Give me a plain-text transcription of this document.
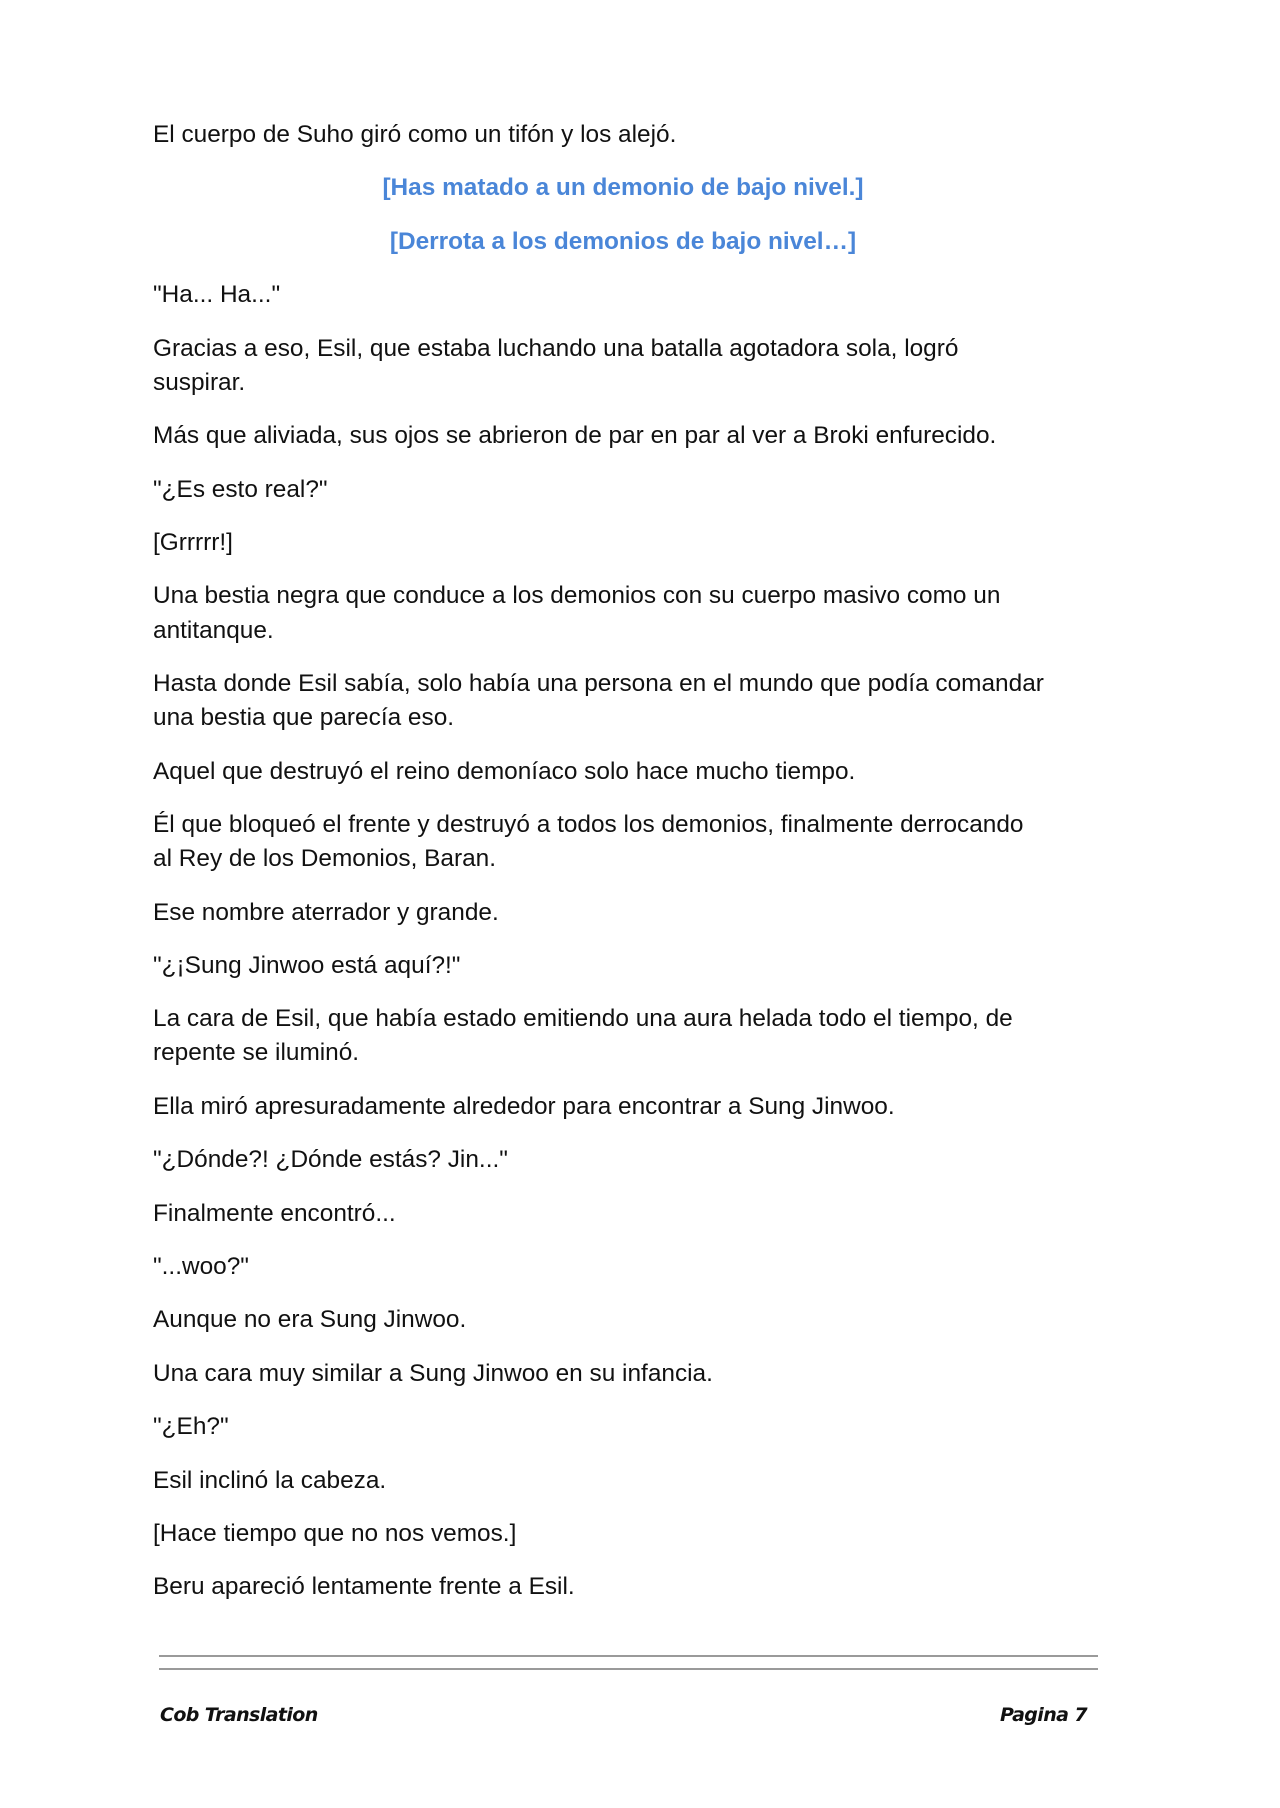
El cuerpo de Suho giró como un tifón y los alejó.

[Has matado a un demonio de bajo nivel.]

[Derrota a los demonios de bajo nivel…]

"Ha... Ha..."

Gracias a eso, Esil, que estaba luchando una batalla agotadora sola, logró
suspirar.

Más que aliviada, sus ojos se abrieron de par en par al ver a Broki enfurecido.

"¿Es esto real?"

[Grrrrr!]

Una bestia negra que conduce a los demonios con su cuerpo masivo como un
antitanque.

Hasta donde Esil sabía, solo había una persona en el mundo que podía comandar
una bestia que parecía eso.

Aquel que destruyó el reino demoníaco solo hace mucho tiempo.

Él que bloqueó el frente y destruyó a todos los demonios, finalmente derrocando
al Rey de los Demonios, Baran.

Ese nombre aterrador y grande.

"¿¡Sung Jinwoo está aquí?!"

La cara de Esil, que había estado emitiendo una aura helada todo el tiempo, de
repente se iluminó.

Ella miró apresuradamente alrededor para encontrar a Sung Jinwoo.

"¿Dónde?! ¿Dónde estás? Jin..."

Finalmente encontró...

"...woo?"

Aunque no era Sung Jinwoo.

Una cara muy similar a Sung Jinwoo en su infancia.

"¿Eh?"

Esil inclinó la cabeza.

[Hace tiempo que no nos vemos.]

Beru apareció lentamente frente a Esil.

Cob Translation	Pagina 7
